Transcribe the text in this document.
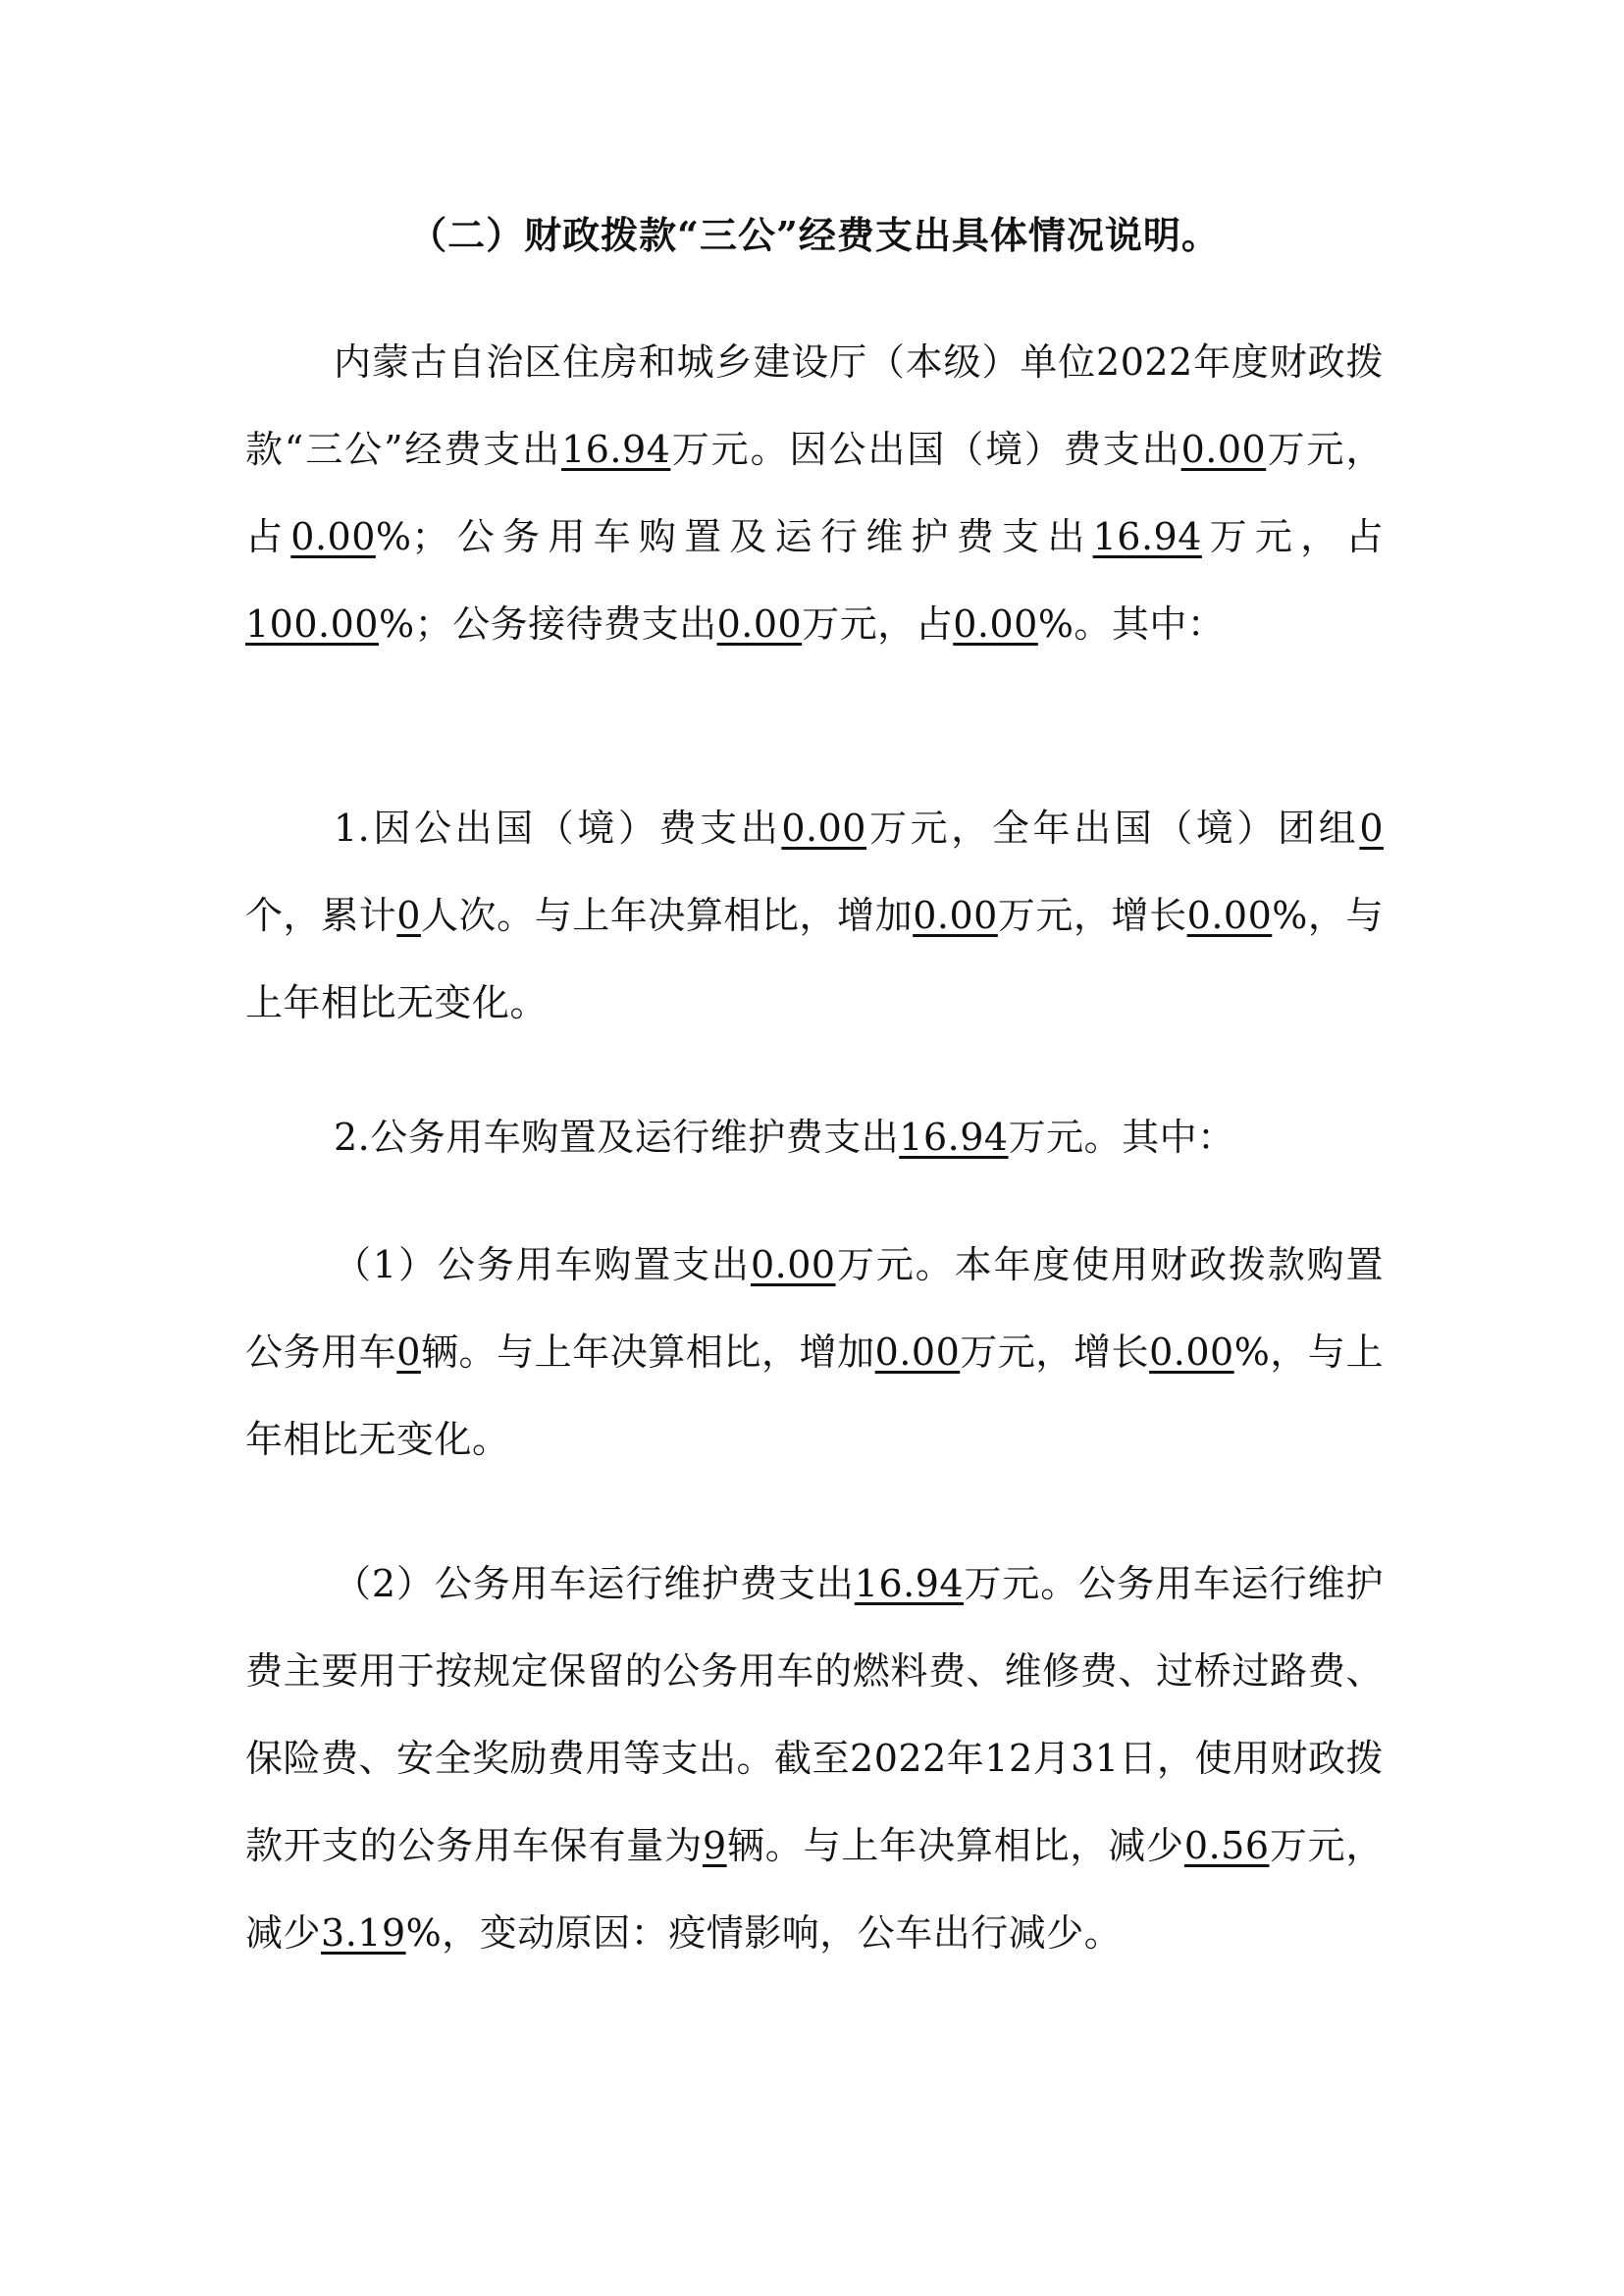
（二）财政拨款“三公”经费支出具体情况说明。

内蒙古自治区住房和城乡建设厅（本级）单位2022年度财政拨款“三公”经费支出16.94万元。因公出国（境）费支出0.00万元，占0.00%；公务用车购置及运行维护费支出16.94万元，占100.00%；公务接待费支出0.00万元，占0.00%。其中：

1.因公出国（境）费支出0.00万元，全年出国（境）团组0个，累计0人次。与上年决算相比，增加0.00万元，增长0.00%，与上年相比无变化。

2.公务用车购置及运行维护费支出16.94万元。其中：

（1）公务用车购置支出0.00万元。本年度使用财政拨款购置公务用车0辆。与上年决算相比，增加0.00万元，增长0.00%，与上年相比无变化。

（2）公务用车运行维护费支出16.94万元。公务用车运行维护费主要用于按规定保留的公务用车的燃料费、维修费、过桥过路费、保险费、安全奖励费用等支出。截至2022年12月31日，使用财政拨款开支的公务用车保有量为9辆。与上年决算相比，减少0.56万元，减少3.19%，变动原因：疫情影响，公车出行减少。
